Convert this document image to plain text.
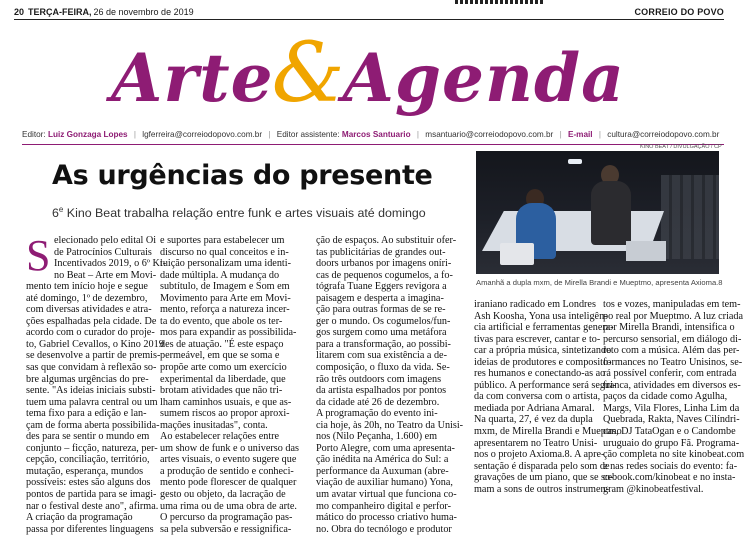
20 TERÇA-FEIRA, 26 de novembro de 2019	CORREIO DO POVO
Arte&Agenda
Editor: Luiz Gonzaga Lopes | lgferreira@correiodopovo.com.br | Editor assistente: Marcos Santuario | msantuario@correiodopovo.com.br | E-mail | cultura@correiodopovo.com.br
As urgências do presente
6e Kino Beat trabalha relação entre funk e artes visuais até domingo
KINO BEAT / DIVULGAÇÃO / CP
Amanhã a dupla mxm, de Mirella Brandi e Mueptmo, apresenta Axioma.8
S elecionado pelo edital Oi
de Patrocínios Culturais
Incentivados 2019, o 6º Ki-
no Beat – Arte em Movi-
mento tem início hoje e segue
até domingo, 1º de dezembro,
com diversas atividades e atra-
ções espalhadas pela cidade. De
acordo com o curador do proje-
to, Gabriel Cevallos, o Kino 2019
se desenvolve a partir de premis-
sas que convidam à reflexão so-
bre algumas urgências do pre-
sente. "As ideias iniciais substi-
tuem uma palavra central ou um
tema fixo para a edição e lan-
çam de forma aberta possibilida-
des para se sentir o mundo em
conjunto – ficção, natureza, per-
cepção, conciliação, território,
mutação, esperança, mundos
possíveis: estes são alguns dos
pontos de partida para se imagi-
nar o festival deste ano", afirma.
A criação da programação
passa por diferentes linguagens
e suportes para estabelecer um
discurso no qual conceitos e in-
tuição personalizam uma identi-
dade múltipla. A mudança do
subtítulo, de Imagem e Som em
Movimento para Arte em Movi-
mento, reforça a natureza incer-
ta do evento, que abole os ter-
mos para expandir as possibilida-
des de atuação. "É este espaço
permeável, em que se soma e
propõe arte como um exercício
experimental da liberdade, que
brotam atividades que não tri-
lham caminhos usuais, e que as-
sumem riscos ao propor aproxi-
mações inusitadas", conta.
Ao estabelecer relações entre
um show de funk e o universo das
artes visuais, o evento sugere que
a produção de sentido e conheci-
mento pode florescer de qualquer
gesto ou objeto, da lacração de
uma rima ou de uma obra de arte.
O percurso da programação pas-
sa pela subversão e ressignifica-
ção de espaços. Ao substituir ofer-
tas publicitárias de grandes out-
doors urbanos por imagens oníri-
cas de pequenos cogumelos, a fo-
tógrafa Tuane Eggers revigora a
paisagem e desperta a imagina-
ção para outras formas de se re-
ger o mundo. Os cogumelos/fun-
gos surgem como uma metáfora
para a transformação, ao possibi-
litarem com sua existência a de-
composição, o fluxo da vida. Se-
rão três outdoors com imagens
da artista espalhados por pontos
da cidade até 26 de dezembro.
A programação do evento ini-
cia hoje, às 20h, no Teatro da Unisi-
nos (Nilo Peçanha, 1.600) em
Porto Alegre, com uma apresenta-
ção inédita na América do Sul: a
performance da Auxuman (abre-
viação de auxiliar humano) Yona,
um avatar virtual que funciona co-
mo companheiro digital e perfor-
mático do processo criativo huma-
no. Obra do tecnólogo e produtor
iraniano radicado em Londres
Ash Koosha, Yona usa inteligên-
cia artificial e ferramentas genera-
tivas para escrever, cantar e to-
car a própria música, sintetizando
ideias de produtores e composito-
res humanos e conectando-as ao
público. A performance será segui-
da com conversa com o artista,
mediada por Adriana Amaral.
Na quarta, 27, é vez da dupla
mxm, de Mirella Brandi e Mueptmo
apresentarem no Teatro Unisi-
nos o projeto Axioma.8. A apre-
sentação é disparada pelo som de
gravações de um piano, que se so-
mam a sons de outros instrumen-
tos e vozes, manipuladas em tem-
po real por Mueptmo. A luz criada
por Mirella Brandi, intensifica o
percurso sensorial, em diálogo di-
reto com a música. Além das per-
formances no Teatro Unisinos, se-
rá possível conferir, com entrada
franca, atividades em diversos es-
paços da cidade como Agulha,
Margs, Vila Flores, Linha Lim da
Quebrada, Rakta, Naves Cilíndri-
cas, DJ TataOgan e o Candombe
uruguaio do grupo Fã. Programa-
ção completa no site kinobeat.com
e nas redes sociais do evento: fa-
cebook.com/kinobeat e no insta-
gram @kinobeatfestival.
